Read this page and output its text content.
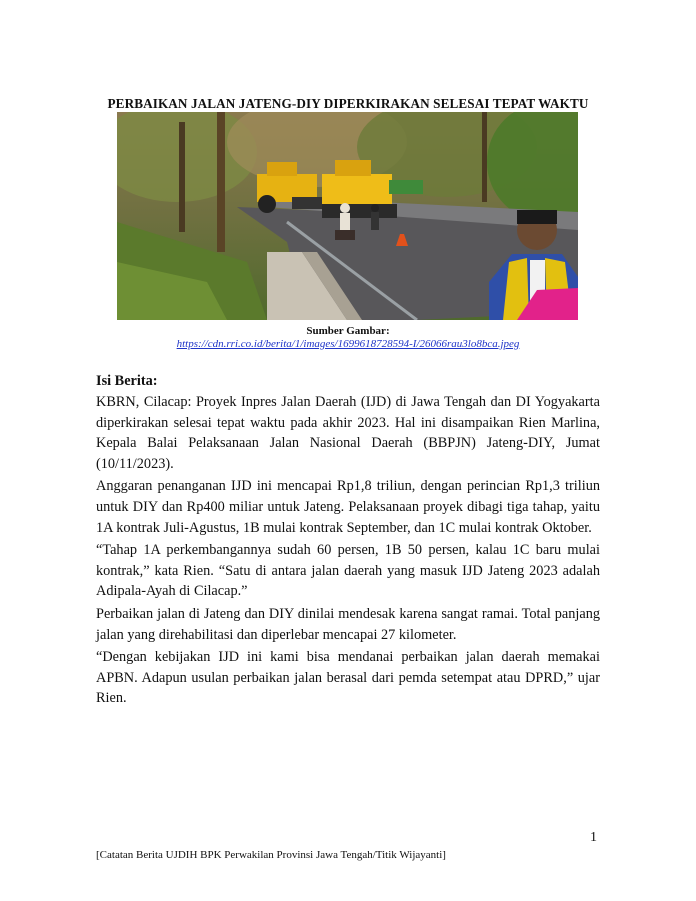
PERBAIKAN JALAN JATENG-DIY DIPERKIRAKAN SELESAI TEPAT WAKTU
Sumber Gambar:
https://cdn.rri.co.id/berita/1/images/1699618728594-I/26066rau3lo8bca.jpeg
Isi Berita:

KBRN, Cilacap: Proyek Inpres Jalan Daerah (IJD) di Jawa Tengah dan DI Yogyakarta diperkirakan selesai tepat waktu pada akhir 2023. Hal ini disampaikan Rien Marlina, Kepala Balai Pelaksanaan Jalan Nasional Daerah (BBPJN) Jateng-DIY, Jumat (10/11/2023).

Anggaran penanganan IJD ini mencapai Rp1,8 triliun, dengan perincian Rp1,3 triliun untuk DIY dan Rp400 miliar untuk Jateng. Pelaksanaan proyek dibagi tiga tahap, yaitu 1A kontrak Juli-Agustus, 1B mulai kontrak September, dan 1C mulai kontrak Oktober.

“Tahap 1A perkembangannya sudah 60 persen, 1B 50 persen, kalau 1C baru mulai kontrak,” kata Rien. “Satu di antara jalan daerah yang masuk IJD Jateng 2023 adalah Adipala-Ayah di Cilacap.”

Perbaikan jalan di Jateng dan DIY dinilai mendesak karena sangat ramai. Total panjang jalan yang direhabilitasi dan diperlebar mencapai 27 kilometer.

“Dengan kebijakan IJD ini kami bisa mendanai perbaikan jalan daerah memakai APBN. Adapun usulan perbaikan jalan berasal dari pemda setempat atau DPRD,” ujar Rien.

1
[Catatan Berita UJDIH BPK Perwakilan Provinsi Jawa Tengah/Titik Wijayanti]
